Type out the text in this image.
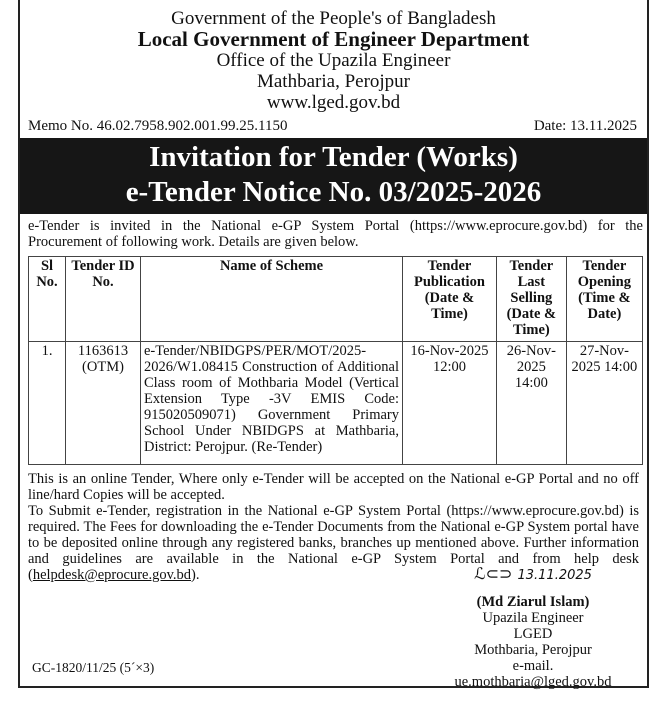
Government of the People's of Bangladesh
Local Government of Engineer Department
Office of the Upazila Engineer
Mathbaria, Perojpur
www.lged.gov.bd
Memo No. 46.02.7958.902.001.99.25.1150	Date: 13.11.2025
Invitation for Tender (Works)
e-Tender Notice No. 03/2025-2026
e-Tender is invited in the National e-GP System Portal (https://www.eprocure.gov.bd) for the Procurement of following work. Details are given below.
Sl No.	Tender ID No.	Name of Scheme	Tender Publication (Date & Time)	Tender Last Selling (Date & Time)	Tender Opening (Time & Date)
1.	1163613 (OTM)	e-Tender/NBIDGPS/PER/MOT/2025-2026/W1.08415 Construction of Additional Class room of Mothbaria Model (Vertical Extension Type -3V EMIS Code: 915020509071) Government Primary School Under NBIDGPS at Mathbaria, District: Perojpur. (Re-Tender)	16-Nov-2025 12:00	26-Nov-2025 14:00	27-Nov-2025 14:00
This is an online Tender, Where only e-Tender will be accepted on the National e-GP Portal and no off line/hard Copies will be accepted.
To Submit e-Tender, registration in the National e-GP System Portal (https://www.eprocure.gov.bd) is required. The Fees for downloading the e-Tender Documents from the National e-GP System portal have to be deposited online through any registered banks, branches up mentioned above. Further information and guidelines are available in the National e-GP System Portal and from help desk (helpdesk@eprocure.gov.bd).	ℒ⊂⊃ 13.11.2025
(Md Ziarul Islam)
Upazila Engineer
LGED
Mothbaria, Perojpur
e-mail. ue.mothbaria@lged.gov.bd
GC-1820/11/25 (5´×3)
